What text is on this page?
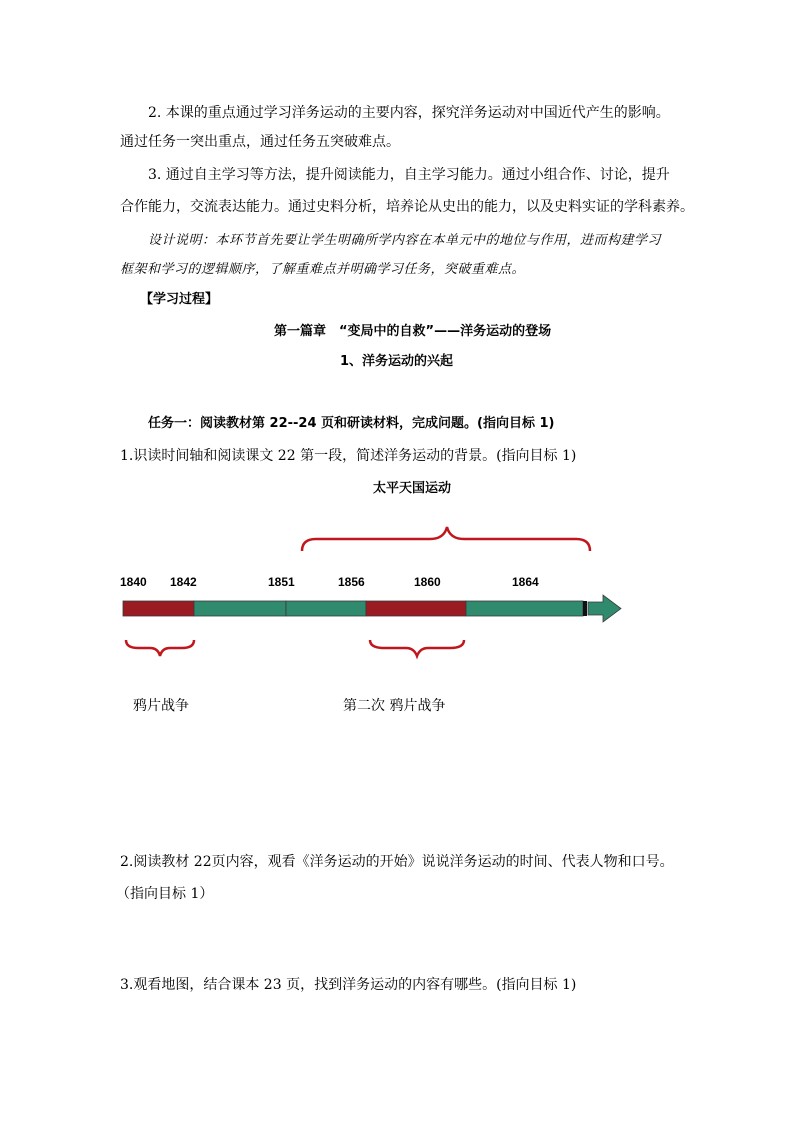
2. 本课的重点通过学习洋务运动的主要内容，探究洋务运动对中国近代产生的影响。
通过任务一突出重点，通过任务五突破难点。
3. 通过自主学习等方法，提升阅读能力，自主学习能力。通过小组合作、讨论，提升
合作能力，交流表达能力。通过史料分析，培养论从史出的能力，以及史料实证的学科素养。
设计说明：本环节首先要让学生明确所学内容在本单元中的地位与作用，进而构建学习
框架和学习的逻辑顺序，了解重难点并明确学习任务，突破重难点。
【学习过程】
第一篇章　“变局中的自救”——洋务运动的登场
1、洋务运动的兴起
任务一：阅读教材第 22--24 页和研读材料，完成问题。(指向目标 1)
1.识读时间轴和阅读课文 22 第一段，简述洋务运动的背景。(指向目标 1)
太平天国运动
1840 1842	1851	1856	1860	1864
鸦片战争	第二次 鸦片战争
2.阅读教材 22页内容，观看《洋务运动的开始》说说洋务运动的时间、代表人物和口号。
（指向目标 1）
3.观看地图，结合课本 23 页，找到洋务运动的内容有哪些。(指向目标 1)
